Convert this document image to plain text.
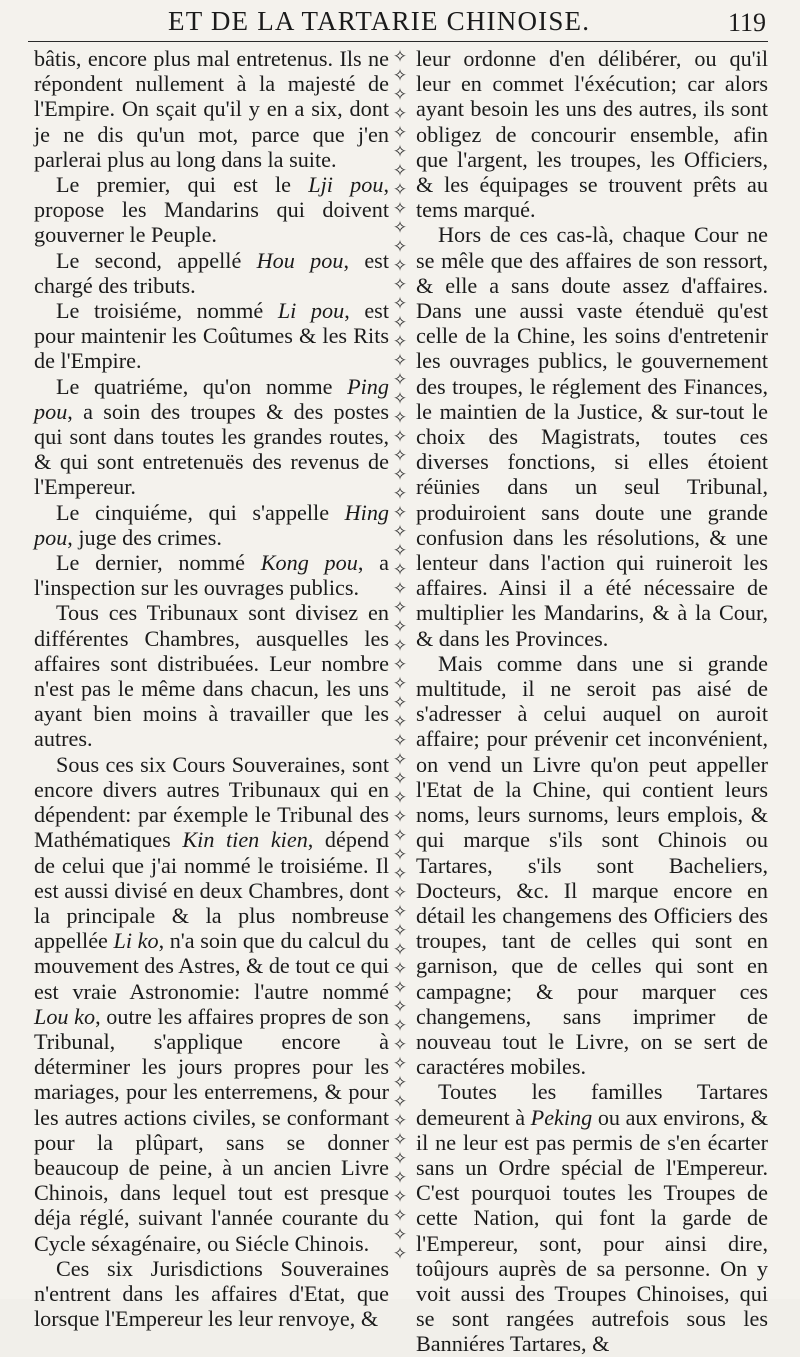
ET DE LA TARTARIE CHINOISE.	119

bâtis, encore plus mal entretenus. Ils ne répondent nullement à la majesté de l'Empire. On sçait qu'il y en a six, dont je ne dis qu'un mot, parce que j'en parlerai plus au long dans la suite.

Le premier, qui est le Lji pou, propose les Mandarins qui doivent gouverner le Peuple.

Le second, appellé Hou pou, est chargé des tributs.

Le troisiéme, nommé Li pou, est pour maintenir les Coûtumes & les Rits de l'Empire.

Le quatriéme, qu'on nomme Ping pou, a soin des troupes & des postes qui sont dans toutes les grandes routes, & qui sont entretenuës des revenus de l'Empereur.

Le cinquiéme, qui s'appelle Hing pou, juge des crimes.

Le dernier, nommé Kong pou, a l'inspection sur les ouvrages publics.

Tous ces Tribunaux sont divisez en différentes Chambres, ausquelles les affaires sont distribuées. Leur nombre n'est pas le même dans chacun, les uns ayant bien moins à travailler que les autres.

Sous ces six Cours Souveraines, sont encore divers autres Tribunaux qui en dépendent: par éxemple le Tribunal des Mathématiques Kin tien kien, dépend de celui que j'ai nommé le troisiéme. Il est aussi divisé en deux Chambres, dont la principale & la plus nombreuse appellée Li ko, n'a soin que du calcul du mouvement des Astres, & de tout ce qui est vraie Astronomie: l'autre nommé Lou ko, outre les affaires propres de son Tribunal, s'applique encore à déterminer les jours propres pour les mariages, pour les enterremens, & pour les autres actions civiles, se conformant pour la plûpart, sans se donner beaucoup de peine, à un ancien Livre Chinois, dans lequel tout est presque déja réglé, suivant l'année courante du Cycle séxagénaire, ou Siécle Chinois.

Ces six Jurisdictions Souveraines n'entrent dans les affaires d'Etat, que lorsque l'Empereur les leur renvoye, &

✧
✧
✧
✧
✧
✧
✧
✧
✧
✧
✧
✧
✧
✧
✧
✧
✧
✧
✧
✧
✧
✧
✧
✧
✧
✧
✧
✧
✧
✧
✧
✧
✧
✧
✧
✧
✧
✧
✧
✧
✧
✧
✧
✧
✧
✧
✧
✧
✧
✧
✧
✧
✧
✧
✧
✧
✧
✧
✧
✧
✧
✧
✧
✧

leur ordonne d'en délibérer, ou qu'il leur en commet l'éxécution; car alors ayant besoin les uns des autres, ils sont obligez de concourir ensemble, afin que l'argent, les troupes, les Officiers, & les équipages se trouvent prêts au tems marqué.

Hors de ces cas-là, chaque Cour ne se mêle que des affaires de son ressort, & elle a sans doute assez d'affaires. Dans une aussi vaste étenduë qu'est celle de la Chine, les soins d'entretenir les ouvrages publics, le gouvernement des troupes, le réglement des Finances, le maintien de la Justice, & sur-tout le choix des Magistrats, toutes ces diverses fonctions, si elles étoient réünies dans un seul Tribunal, produiroient sans doute une grande confusion dans les résolutions, & une lenteur dans l'action qui ruineroit les affaires. Ainsi il a été nécessaire de multiplier les Mandarins, & à la Cour, & dans les Provinces.

Mais comme dans une si grande multitude, il ne seroit pas aisé de s'adresser à celui auquel on auroit affaire; pour prévenir cet inconvénient, on vend un Livre qu'on peut appeller l'Etat de la Chine, qui contient leurs noms, leurs surnoms, leurs emplois, & qui marque s'ils sont Chinois ou Tartares, s'ils sont Bacheliers, Docteurs, &c. Il marque encore en détail les changemens des Officiers des troupes, tant de celles qui sont en garnison, que de celles qui sont en campagne; & pour marquer ces changemens, sans imprimer de nouveau tout le Livre, on se sert de caractéres mobiles.

Toutes les familles Tartares demeurent à Peking ou aux environs, & il ne leur est pas permis de s'en écarter sans un Ordre spécial de l'Empereur. C'est pourquoi toutes les Troupes de cette Nation, qui font la garde de l'Empereur, sont, pour ainsi dire, toûjours auprès de sa personne. On y voit aussi des Troupes Chinoises, qui se sont rangées autrefois sous les Banniéres Tartares, &
